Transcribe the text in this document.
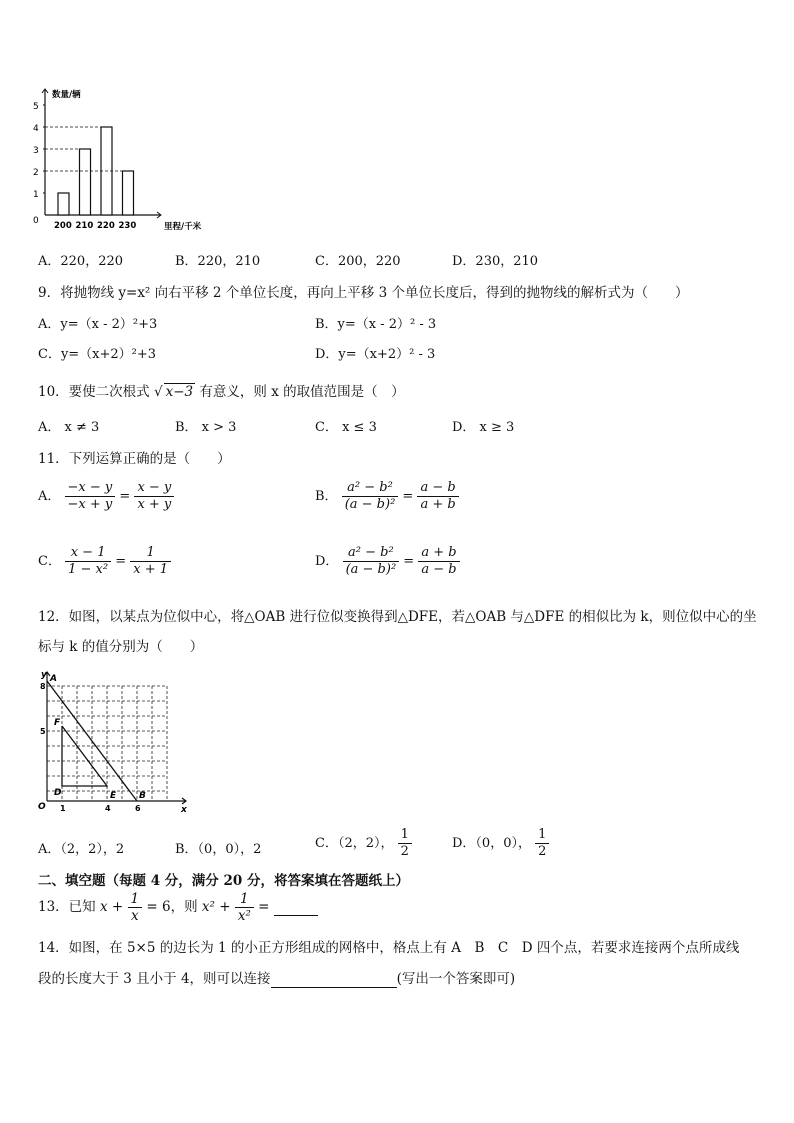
5
4
3
2
1
0 200 210 220 230
数量/辆
里程/千米
A．220，220	B．220，210	C．200，220	D．230，210
9．将抛物线 y=x² 向右平移 2 个单位长度，再向上平移 3 个单位长度后，得到的抛物线的解析式为（　　）
A．y=（x - 2）²+3	B．y=（x - 2）² - 3
C．y=（x+2）²+3	D．y=（x+2）² - 3
10．要使二次根式 √ x−3 有意义，则 x 的取值范围是（　）
A． x ≠ 3	B． x > 3	C． x ≤ 3	D． x ≥ 3
11．下列运算正确的是（　　）
A． $\frac{-x - y}{-x + y} = \frac{x - y}{x + y}$	B． $\frac{\text{a² − b²}}{\text{(a − b)²}} = \frac{a - b}{a + b}$
C． $\frac{x - 1}{\text{1 − x²}} = \frac{1}{x + 1}$	D． $\frac{\text{a² − b²}}{\text{(a − b)²}} = \frac{a + b}{a - b}$
12．如图，以某点为位似中心，将△OAB 进行位似变换得到△DFE，若△OAB 与△DFE 的相似比为 k，则位似中心的坐
标与 k 的值分别为（　　）
y
x
A
F
D	E	B
O
8
5
1	4	6
A．（2，2），2	B．（0，0），2	C．（2，2）， $\frac{1}{2}$	D．（0，0）， $\frac{1}{2}$
二、填空题（每题 4 分，满分 20 分，将答案填在答题纸上）
13．已知 $x + \frac{1}{x} = 6$，则 $x^2 + \frac{1}{\text{x²}}$ =
14．如图，在 5×5 的边长为 1 的小正方形组成的网格中，格点上有 A　B　C　D 四个点，若要求连接两个点所成线
段的长度大于 3 且小于 4，则可以连接	(写出一个答案即可)
